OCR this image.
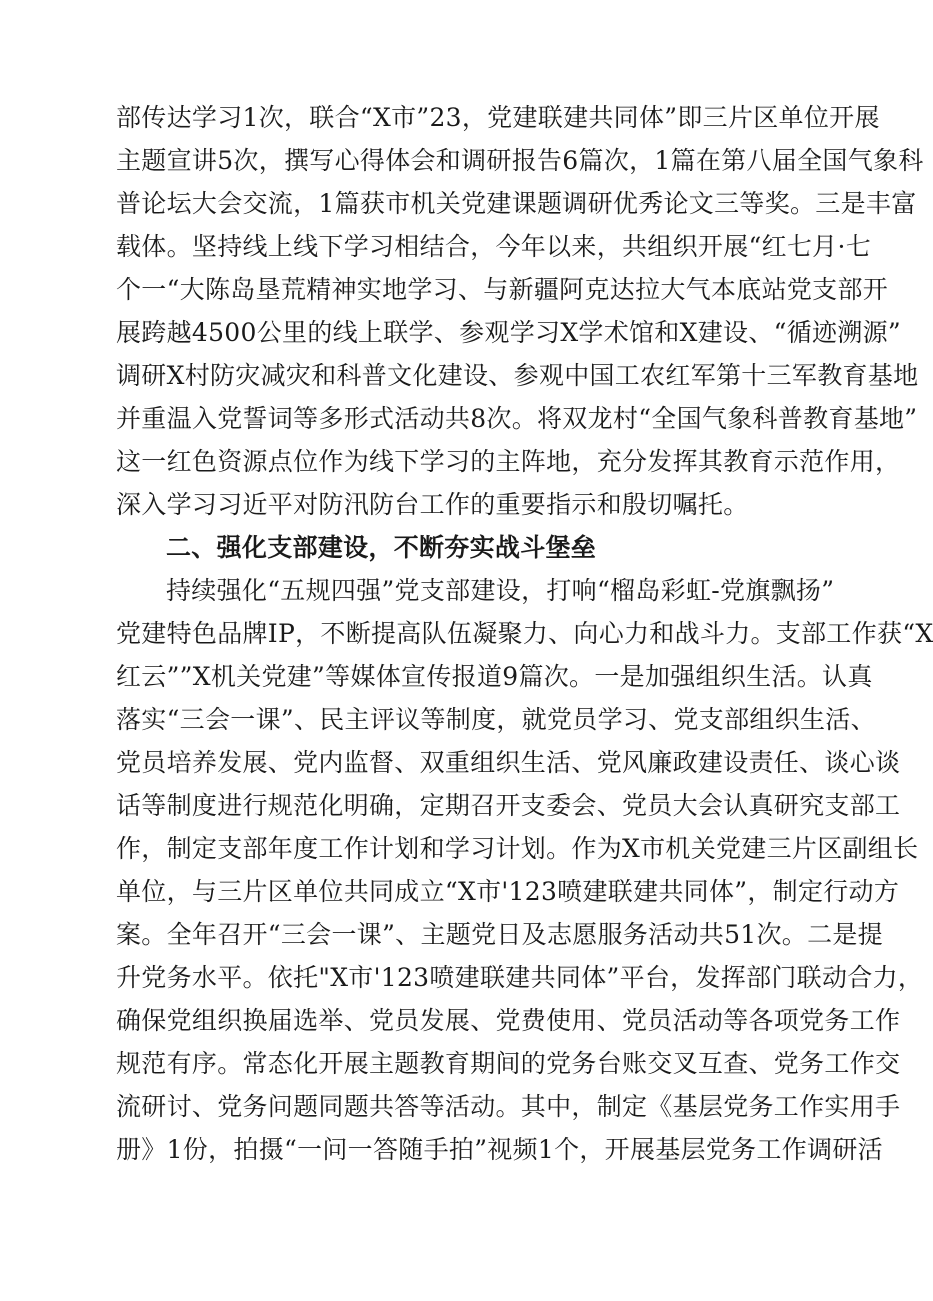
部传达学习1次，联合“X市”23，党建联建共同体”即三片区单位开展
主题宣讲5次，撰写心得体会和调研报告6篇次，1篇在第八届全国气象科
普论坛大会交流，1篇获市机关党建课题调研优秀论文三等奖。三是丰富
载体。坚持线上线下学习相结合，今年以来，共组织开展“红七月·七
个一“大陈岛垦荒精神实地学习、与新疆阿克达拉大气本底站党支部开
展跨越4500公里的线上联学、参观学习X学术馆和X建设、“循迹溯源”
调研X村防灾减灾和科普文化建设、参观中国工农红军第十三军教育基地
并重温入党誓词等多形式活动共8次。将双龙村“全国气象科普教育基地”
这一红色资源点位作为线下学习的主阵地，充分发挥其教育示范作用，
深入学习习近平对防汛防台工作的重要指示和殷切嘱托。
二、强化支部建设，不断夯实战斗堡垒
持续强化“五规四强”党支部建设，打响“榴岛彩虹-党旗飘扬”
党建特色品牌IP，不断提高队伍凝聚力、向心力和战斗力。支部工作获“X
红云””X机关党建”等媒体宣传报道9篇次。一是加强组织生活。认真
落实“三会一课”、民主评议等制度，就党员学习、党支部组织生活、
党员培养发展、党内监督、双重组织生活、党风廉政建设责任、谈心谈
话等制度进行规范化明确，定期召开支委会、党员大会认真研究支部工
作，制定支部年度工作计划和学习计划。作为X市机关党建三片区副组长
单位，与三片区单位共同成立“X市'123喷建联建共同体”，制定行动方
案。全年召开“三会一课”、主题党日及志愿服务活动共51次。二是提
升党务水平。依托"X市'123喷建联建共同体”平台，发挥部门联动合力，
确保党组织换届选举、党员发展、党费使用、党员活动等各项党务工作
规范有序。常态化开展主题教育期间的党务台账交叉互查、党务工作交
流研讨、党务问题同题共答等活动。其中，制定《基层党务工作实用手
册》1份，拍摄“一问一答随手拍”视频1个，开展基层党务工作调研活
